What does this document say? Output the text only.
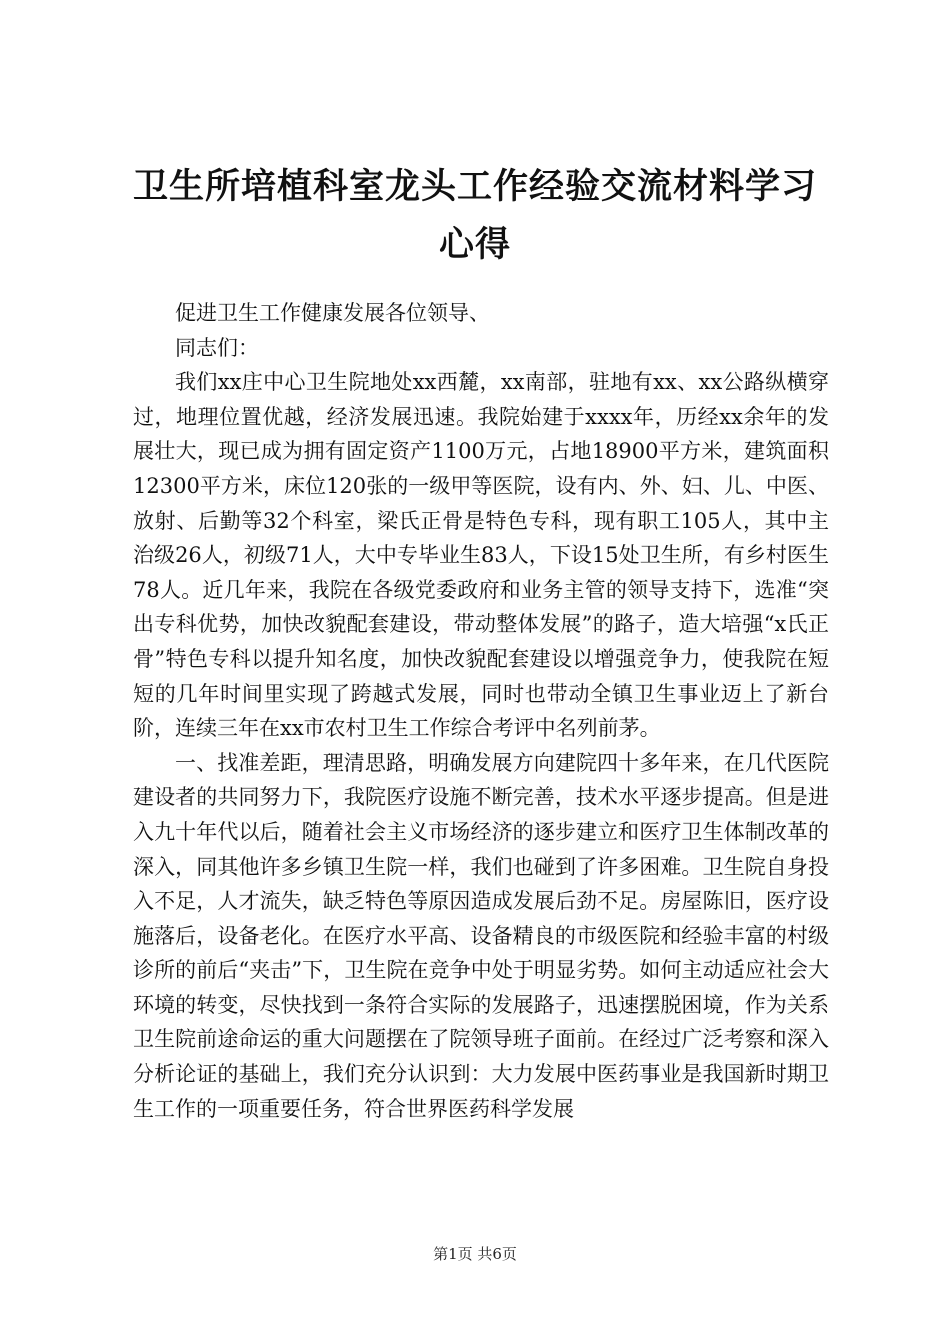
卫生所培植科室龙头工作经验交流材料学习心得

促进卫生工作健康发展各位领导、

同志们：

我们xx庄中心卫生院地处xx西麓，xx南部，驻地有xx、xx公路纵横穿过，地理位置优越，经济发展迅速。我院始建于xxxx年，历经xx余年的发展壮大，现已成为拥有固定资产1100万元，占地18900平方米，建筑面积12300平方米，床位120张的一级甲等医院，设有内、外、妇、儿、中医、放射、后勤等32个科室，梁氏正骨是特色专科，现有职工105人，其中主治级26人，初级71人，大中专毕业生83人，下设15处卫生所，有乡村医生78人。近几年来，我院在各级党委政府和业务主管的领导支持下，选准“突出专科优势，加快改貌配套建设，带动整体发展”的路子，造大培强“x氏正骨”特色专科以提升知名度，加快改貌配套建设以增强竞争力，使我院在短短的几年时间里实现了跨越式发展，同时也带动全镇卫生事业迈上了新台阶，连续三年在xx市农村卫生工作综合考评中名列前茅。

一、找准差距，理清思路，明确发展方向建院四十多年来，在几代医院建设者的共同努力下，我院医疗设施不断完善，技术水平逐步提高。但是进入九十年代以后，随着社会主义市场经济的逐步建立和医疗卫生体制改革的深入，同其他许多乡镇卫生院一样，我们也碰到了许多困难。卫生院自身投入不足，人才流失，缺乏特色等原因造成发展后劲不足。房屋陈旧，医疗设施落后，设备老化。在医疗水平高、设备精良的市级医院和经验丰富的村级诊所的前后“夹击”下，卫生院在竞争中处于明显劣势。如何主动适应社会大环境的转变，尽快找到一条符合实际的发展路子，迅速摆脱困境，作为关系卫生院前途命运的重大问题摆在了院领导班子面前。在经过广泛考察和深入分析论证的基础上，我们充分认识到：大力发展中医药事业是我国新时期卫生工作的一项重要任务，符合世界医药科学发展

第1页 共6页
